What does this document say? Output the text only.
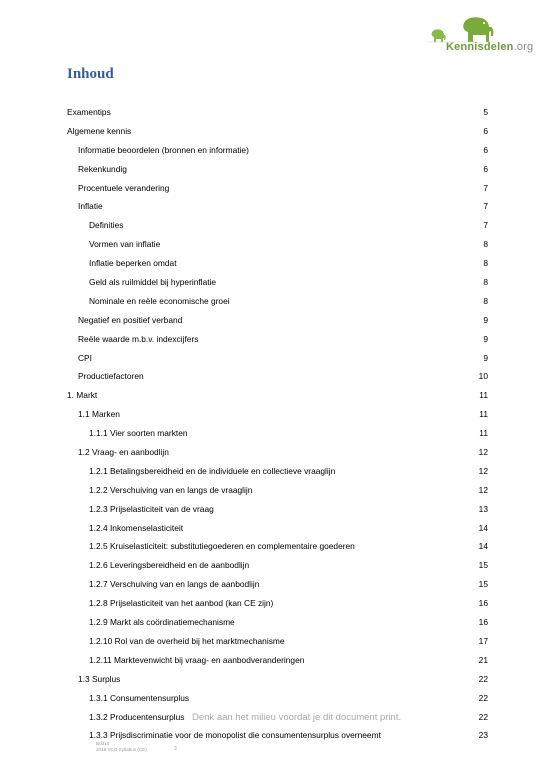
Kennisdelen.org
Inhoud
Examentips	5
Algemene kennis	6
Informatie beoordelen (bronnen en informatie)	6
Rekenkundig	6
Procentuele verandering	7
Inflatie	7
Definities	7
Vormen van inflatie	8
Inflatie beperken omdat	8
Geld als ruilmiddel bij hyperinflatie	8
Nominale en reële economische groei	8
Negatief en positief verband	9
Reële waarde m.b.v. indexcijfers	9
CPI	9
Productiefactoren	10
1. Markt	11
1.1 Marken	11
1.1.1 Vier soorten markten	11
1.2 Vraag- en aanbodlijn	12
1.2.1 Betalingsbereidheid en de individuele en collectieve vraaglijn	12
1.2.2 Verschuiving van en langs de vraaglijn	12
1.2.3 Prijselasticiteit van de vraag	13
1.2.4 Inkomenselasticiteit	14
1.2.5 Kruiselasticiteit: substitutiegoederen en complementaire goederen	14
1.2.6 Leveringsbereidheid en de aanbodlijn	15
1.2.7 Verschuiving van en langs de aanbodlijn	15
1.2.8 Prijselasticiteit van het aanbod (kan CE zijn)	16
1.2.9 Markt als coördinatiemechanisme	16
1.2.10 Rol van de overheid bij het marktmechanisme	17
1.2.11 Marktevenwicht bij vraag- en aanbodveranderingen	21
1.3 Surplus	22
1.3.1 Consumentensurplus	22
1.3.2 Producentensurplus	22
1.3.3 Prijsdiscriminatie voor de monopolist die consumentensurplus overneemt	23
Denk aan het milieu voordat je dit document print.
Bdd10
2019 VCO Syllabus (CE)	3
